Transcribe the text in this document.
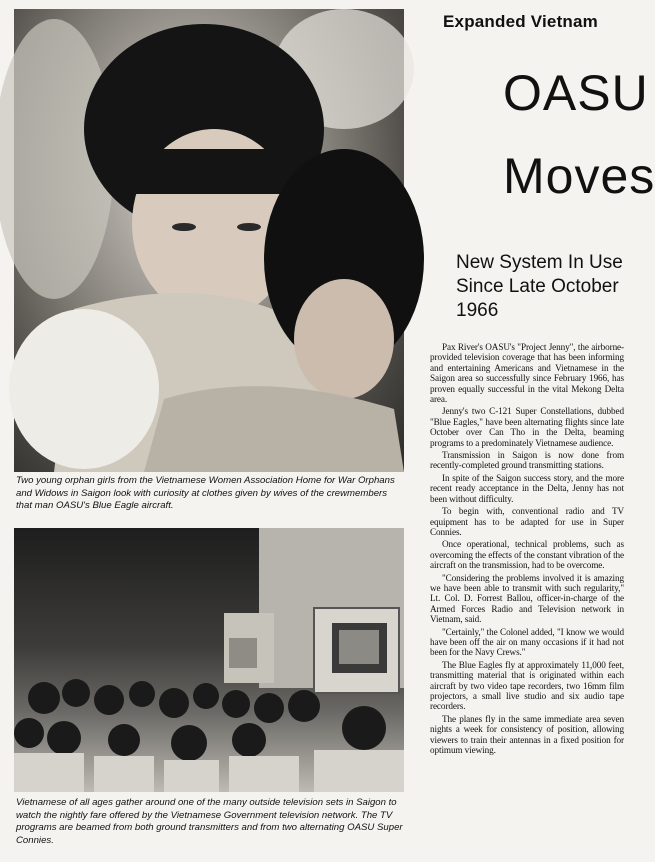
Two young orphan girls from the Vietnamese Women Association Home for War Orphans and Widows in Saigon look with curiosity at clothes given by wives of the crewmembers that man OASU's Blue Eagle aircraft.
Vietnamese of all ages gather around one of the many outside television sets in Saigon to watch the nightly fare offered by the Vietnamese Government television network. The TV programs are beamed from both ground transmitters and from two alternating OASU Super Connies.
Expanded Vietnam
OASU
Moves
New System In Use Since Late October 1966

Pax River's OASU's "Project Jenny", the airborne-provided television coverage that has been informing and entertaining Americans and Vietnamese in the Saigon area so successfully since February 1966, has proven equally successful in the vital Mekong Delta area.

Jenny's two C-121 Super Constellations, dubbed "Blue Eagles," have been alternating flights since late October over Can Tho in the Delta, beaming programs to a predominately Vietnamese audience.

Transmission in Saigon is now done from recently-completed ground transmitting stations.

In spite of the Saigon success story, and the more recent ready acceptance in the Delta, Jenny has not been without difficulty.

To begin with, conventional radio and TV equipment has to be adapted for use in Super Connies.

Once operational, technical problems, such as overcoming the effects of the constant vibration of the aircraft on the transmission, had to be overcome.

"Considering the problems involved it is amazing we have been able to transmit with such regularity," Lt. Col. D. Forrest Ballou, officer-in-charge of the Armed Forces Radio and Television network in Vietnam, said.

"Certainly," the Colonel added, "I know we would have been off the air on many occasions if it had not been for the Navy Crews."

The Blue Eagles fly at approximately 11,000 feet, transmitting material that is originated within each aircraft by two video tape recorders, two 16mm film projectors, a small live studio and six audio tape recorders.

The planes fly in the same immediate area seven nights a week for consistency of position, allowing viewers to train their antennas in a fixed position for optimum viewing.
